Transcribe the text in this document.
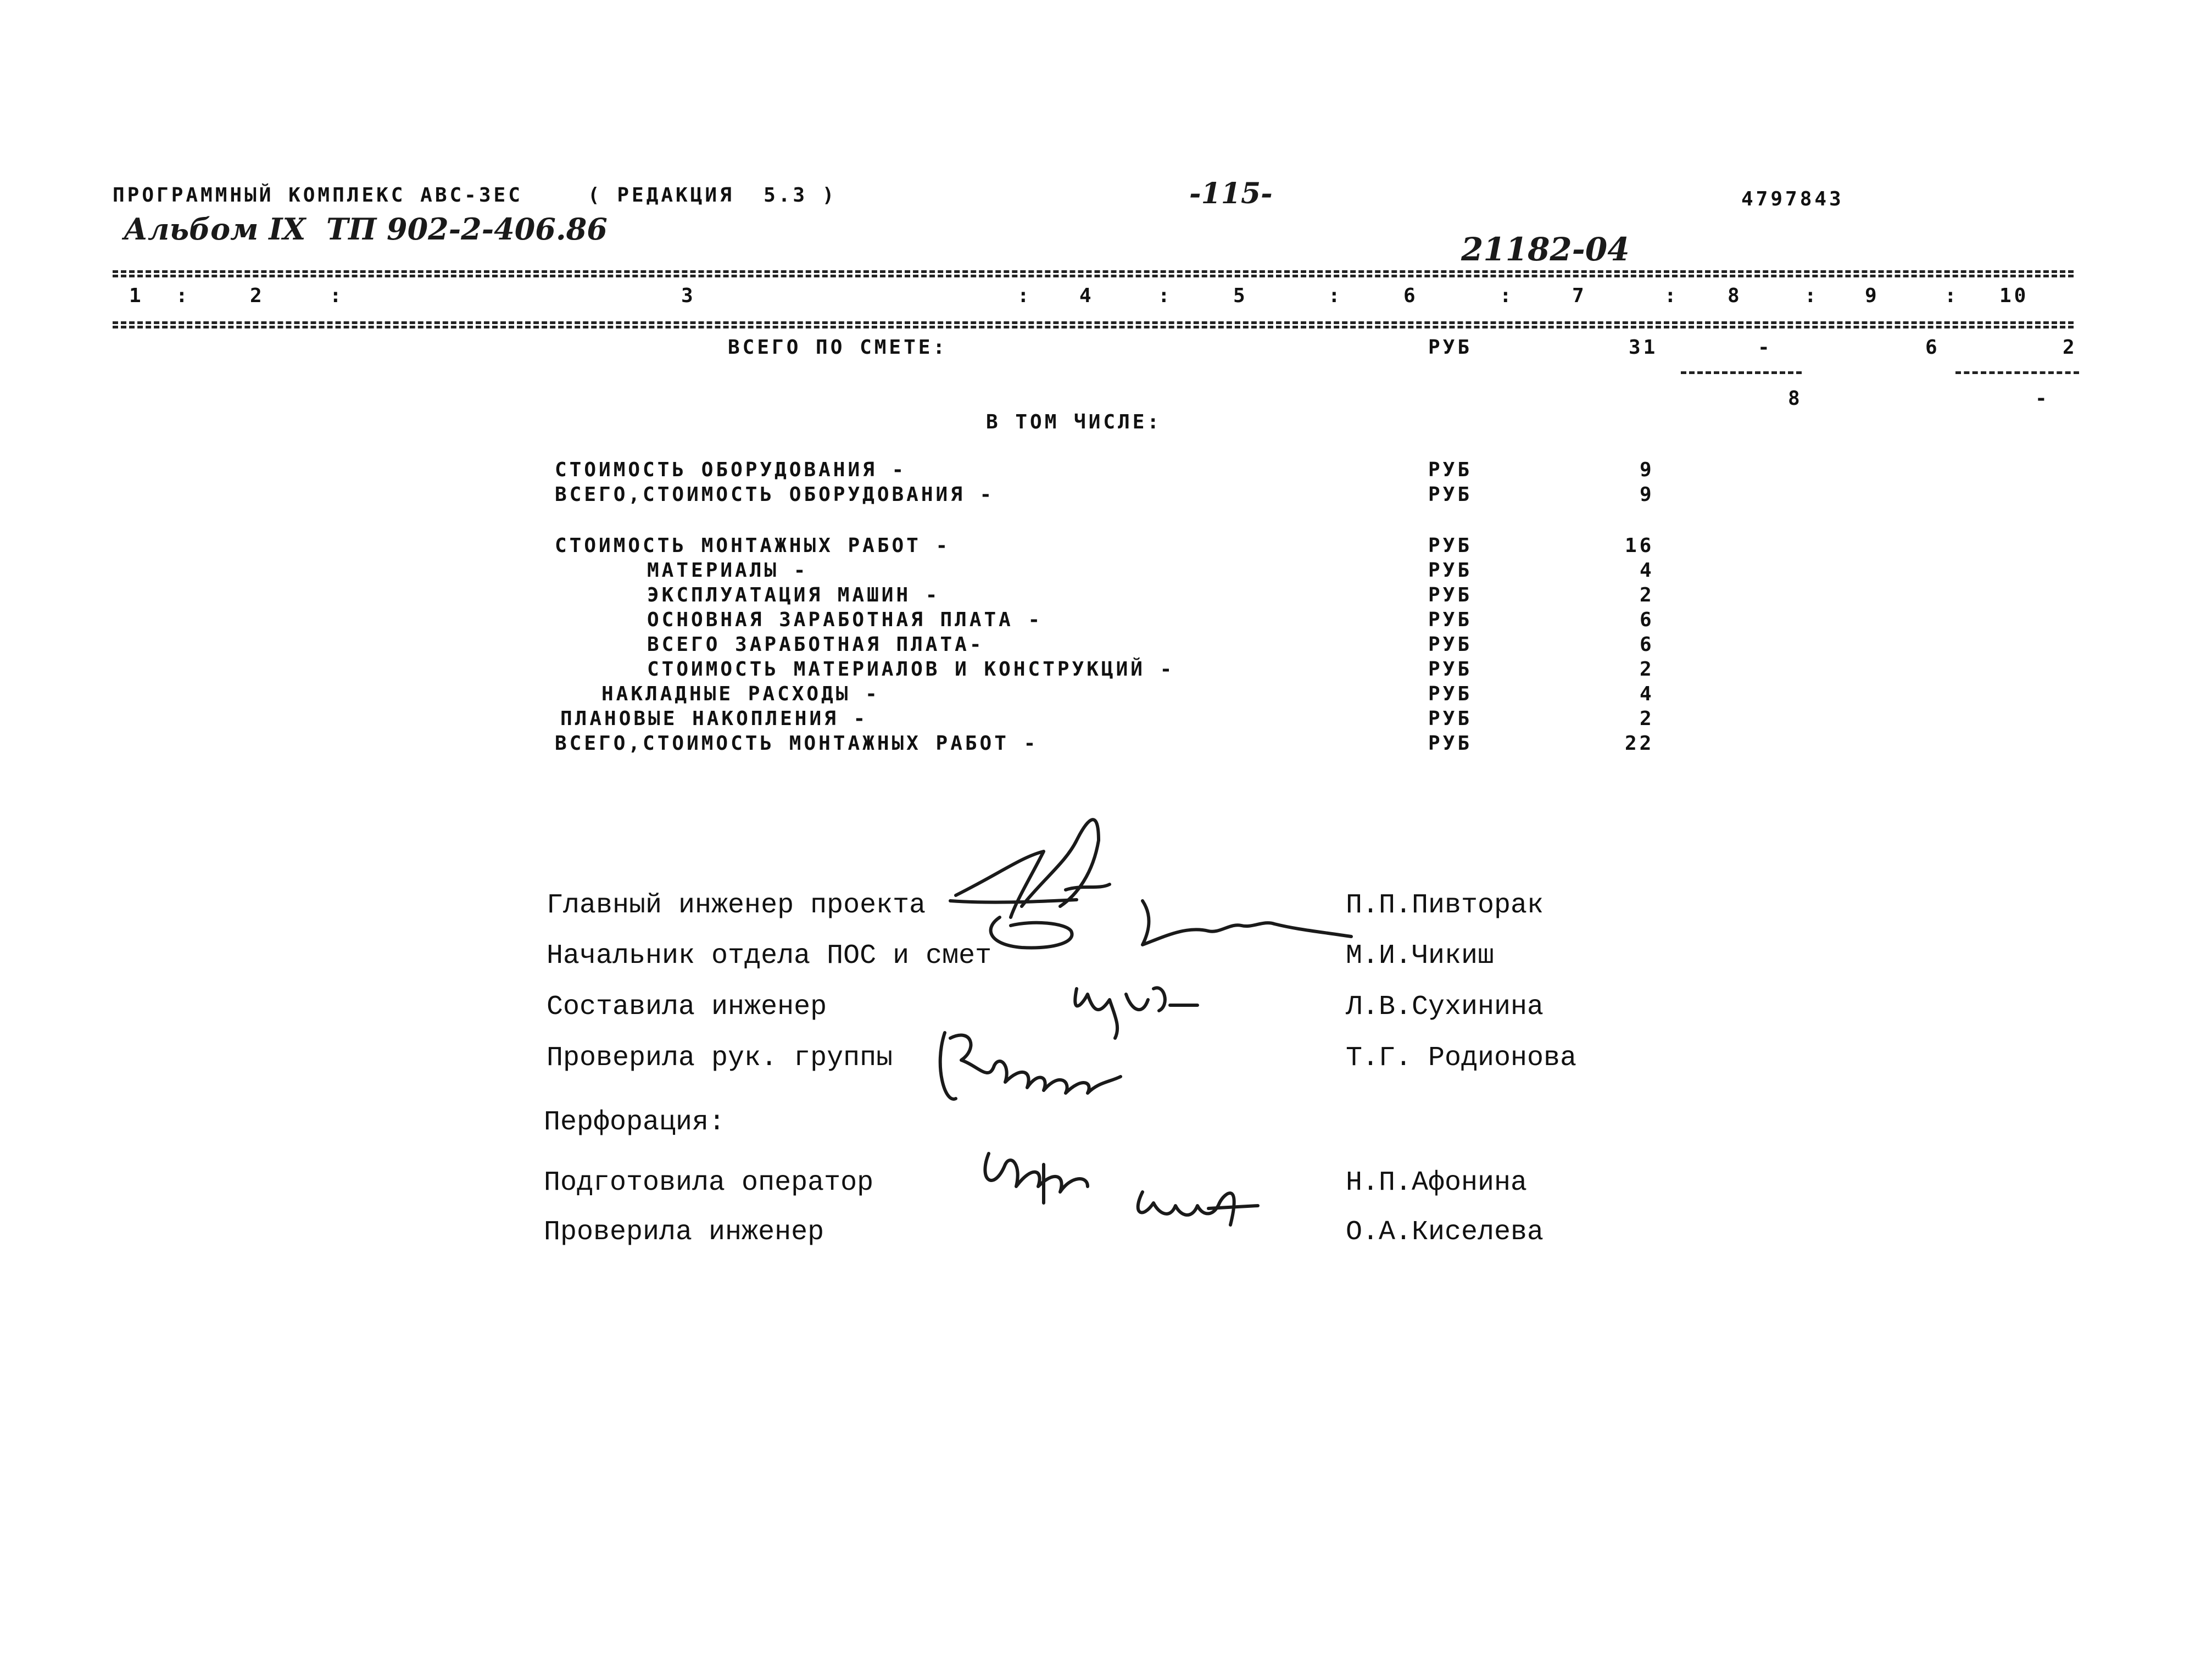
ПРОГРАММНЫЙ КОМПЛЕКС АВС-3ЕС	( РЕДАКЦИЯ  5.3 )	-115-	4797843
Альбом IX  ТП 902-2-406.86
21182-04
1 :	2	:	3	: 4	:	5	:	6	:	7	: 8	: 9	: 10
ВСЕГО ПО СМЕТЕ:	РУБ	31	-	6	2
8	-
В ТОМ ЧИСЛЕ:
СТОИМОСТЬ ОБОРУДОВАНИЯ -	РУБ	9
ВСЕГО,СТОИМОСТЬ ОБОРУДОВАНИЯ -	РУБ	9
СТОИМОСТЬ МОНТАЖНЫХ РАБОТ -	РУБ	16
МАТЕРИАЛЫ -	РУБ	4
ЭКСПЛУАТАЦИЯ МАШИН -	РУБ	2
ОСНОВНАЯ ЗАРАБОТНАЯ ПЛАТА -	РУБ	6
ВСЕГО ЗАРАБОТНАЯ ПЛАТА-	РУБ	6
СТОИМОСТЬ МАТЕРИАЛОВ И КОНСТРУКЦИЙ -	РУБ	2
НАКЛАДНЫЕ РАСХОДЫ -	РУБ	4
ПЛАНОВЫЕ НАКОПЛЕНИЯ -	РУБ	2
ВСЕГО,СТОИМОСТЬ МОНТАЖНЫХ РАБОТ -	РУБ	22
Главный инженер проекта	П.П.Пивторак
Начальник отдела ПОС и смет	М.И.Чикиш
Составила инженер	Л.В.Сухинина
Проверила рук. группы	Т.Г. Родионова
Перфорация:
Подготовила оператор	Н.П.Афонина
Проверила инженер	О.А.Киселева
